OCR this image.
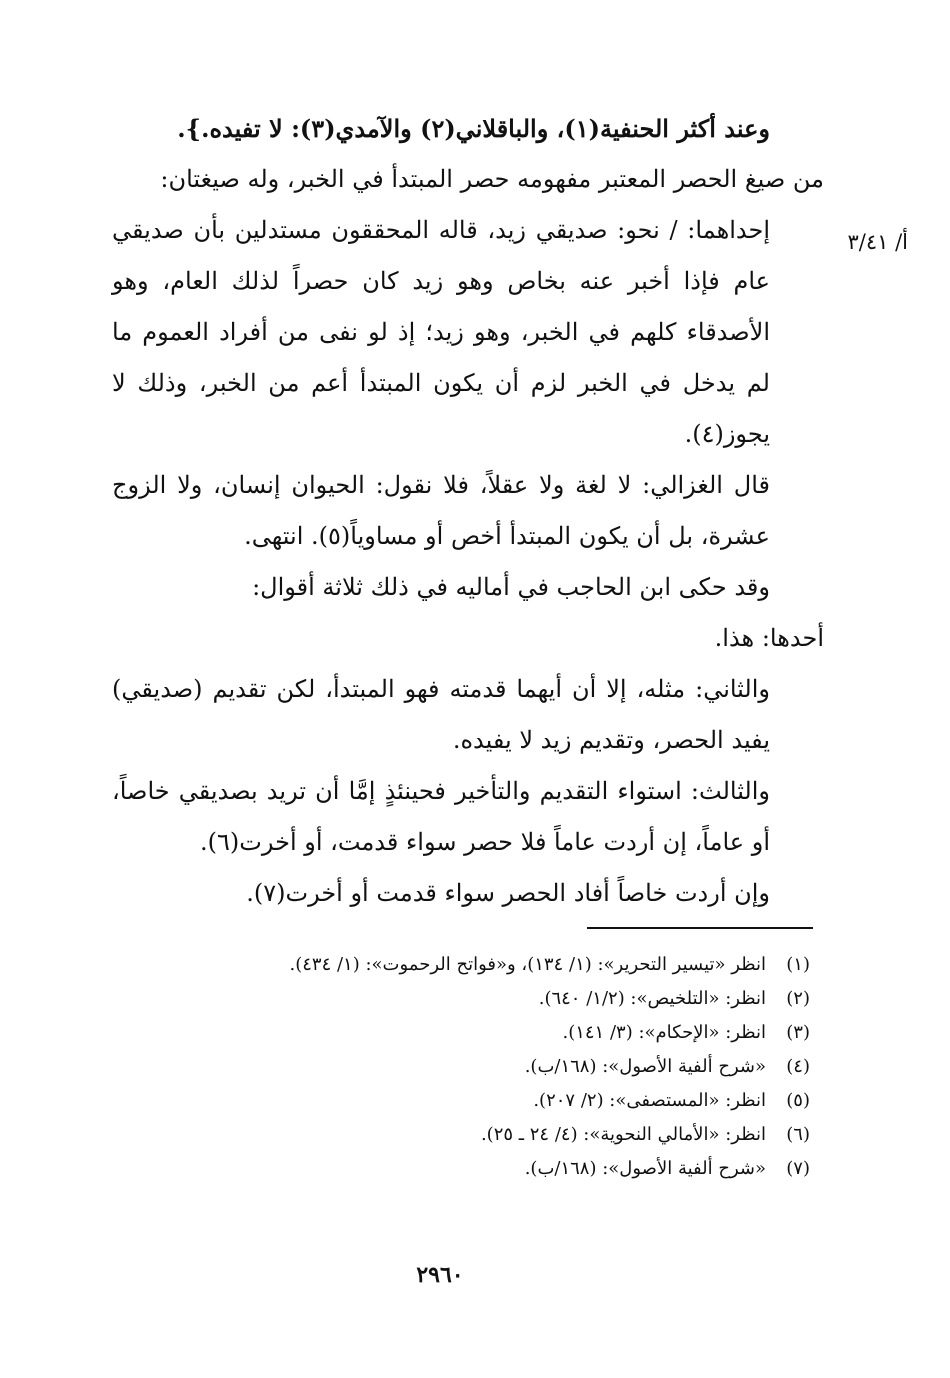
أ/ ٣/٤١

وعند أكثر الحنفية(١)، والباقلاني(٢) والآمدي(٣): لا تفيده.}.

من صيغ الحصر المعتبر مفهومه حصر المبتدأ في الخبر، وله صيغتان:

إحداهما: / نحو: صديقي زيد، قاله المحققون مستدلين بأن صديقي عام فإذا أخبر عنه بخاص وهو زيد كان حصراً لذلك العام، وهو الأصدقاء كلهم في الخبر، وهو زيد؛ إذ لو نفى من أفراد العموم ما لم يدخل في الخبر لزم أن يكون المبتدأ أعم من الخبر، وذلك لا يجوز(٤).

قال الغزالي: لا لغة ولا عقلاً، فلا نقول: الحيوان إنسان، ولا الزوج عشرة، بل أن يكون المبتدأ أخص أو مساوياً(٥). انتهى.

وقد حكى ابن الحاجب في أماليه في ذلك ثلاثة أقوال:

أحدها: هذا.

والثاني: مثله، إلا أن أيهما قدمته فهو المبتدأ، لكن تقديم (صديقي) يفيد الحصر، وتقديم زيد لا يفيده.

والثالث: استواء التقديم والتأخير فحينئذٍ إمَّا أن تريد بصديقي خاصاً، أو عاماً، إن أردت عاماً فلا حصر سواء قدمت، أو أخرت(٦).

وإن أردت خاصاً أفاد الحصر سواء قدمت أو أخرت(٧).

(١)انظر «تيسير التحرير»: (١/ ١٣٤)، و«فواتح الرحموت»: (١/ ٤٣٤).
(٢)انظر: «التلخيص»: (١/٢/ ٦٤٠).
(٣)انظر: «الإحكام»: (٣/ ١٤١).
(٤)«شرح ألفية الأصول»: (١٦٨/ب).
(٥)انظر: «المستصفى»: (٢/ ٢٠٧).
(٦)انظر: «الأمالي النحوية»: (٤/ ٢٤ ـ ٢٥).
(٧)«شرح ألفية الأصول»: (١٦٨/ب).
٢٩٦٠
